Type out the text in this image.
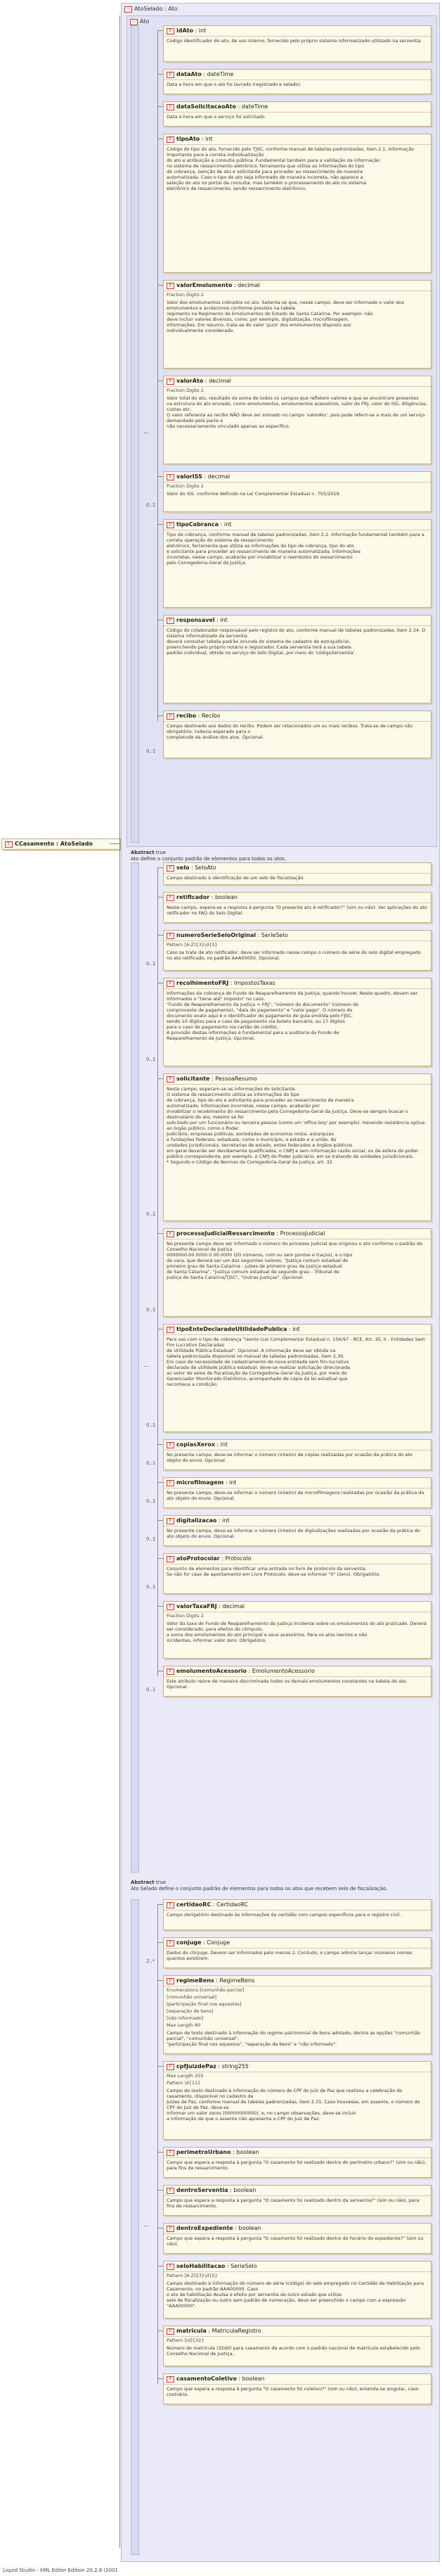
E CCasamento : AtoSelado
− AtoSelado : Ato
− Ato
Abstract true
Ato define o conjunto padrão de elementos para todos os atos.
Abstract true
Ato Selado define o conjunto padrão de elementos para todos os atos que recebem selo de fiscalização.
Liquid Studio - XML Editor Edition 20.2.8 (2001
⋯
E idAto : int
Código identificador do ato, de uso interno, fornecido pelo próprio sistema informatizado utilizado na serventia
E dataAto : dateTime
Data e hora em que o ato foi lavrado (registrado e selado)
E dataSolicitacaoAto : dateTime
Data e hora em que o serviço foi solicitado
E tipoAto : int
Código do tipo do ato, fornecido pelo TJSC, conforme manual de tabelas padronizadas, item 2.1. Informação importante para a correta individualização
do ato e atribuição a consulta pública. Fundamental também para a validação da informação
no sistema de ressarcimento eletrônico, ferramenta que utiliza as informações do tipo
de cobrança, isenção de ato e solicitante para proceder ao ressarcimento de maneira
automatizada. Caso o tipo de ato seja informado de maneira incorreta, não aparece a
seleção do ato no portal de consulta, mas também o processamento do ato no sistema
eletrônico de ressarcimento, sendo ressarcimento eletrônico.
E valorEmolumento : decimal
Fraction Digits 2
Valor dos emolumentos cobrados no ato. Salienta-se que, nesse campo, deve ser informado o valor dos emolumentos e acréscimos conforme previsto na tabela
regimento no Regimento de Emolumentos do Estado de Santa Catarina. Por exemplo: não
deve incluir valores diversos, como, por exemplo, digitalização, microfilmagem,
informações. Em resumo, trata-se do valor 'puro' dos emolumentos disposto aos
individualmente considerado.
E valorAto : decimal
Fraction Digits 2
Valor total do ato, resultado da soma de todos os campos que refletem valores e que se encontram presentes
na estrutura do ato enviado, como emolumentos, emolumentos acessórios, valor do FRJ, valor do ISS, diligências, custas etc.
O valor referente ao recibo NÃO deve ser somado no campo 'valorAto', pois pode referir-se a mais de um serviço demandado pela parte e
não necessariamente vinculado apenas ao específico.
E valorISS : decimal
Fraction Digits 2
Valor do ISS, conforme definido na Lei Complementar Estadual n. 755/2019.
0..1
E tipoCobranca : int
Tipo de cobrança, conforme manual de tabelas padronizadas, item 2.2. Informação fundamental também para a correta operação do sistema de ressarcimento
eletrônico, ferramenta que utiliza as informações do tipo de cobrança, tipo do ato
e solicitante para proceder ao ressarcimento de maneira automatizada. Informações
incorretas, nesse campo, acabarão por inviabilizar o reembolso do ressarcimento
pelo Corregedoria-Geral da Justiça.
E responsavel : int
Código do colaborador responsável pelo registro do ato, conforme manual de tabelas padronizadas, item 2.34. O sistema informatizado da serventia
deverá consultar tabela padrão oriunda do sistema de cadastro de extrajudicial,
preenchendo pelo próprio notário e registrador. Cada serventia terá a sua tabela
padrão individual, obtida no serviço do Selo Digital, por meio do 'códigoServentia'.
E recibo : Recibo
Campo destinado aos dados do recibo. Podem ser relacionados um ou mais recibos. Trata-se de campo não obrigatório, todavia esperado para o
completude da análise dos atos. Opcional.
0..1
⋯
E selo : SeloAto
Campo destinado à identificação de um selo de fiscalização.
E retificador : boolean
Neste campo, espera-se a resposta à pergunta "O presente ato é retificador?" (sim ou não). Ver aplicações do ato retificador no FAQ do Selo Digital.
E numeroSerieSeloOriginal : SerieSelo
Pattern [A-Z]{3}\d{5}
Caso se trate de ato retificador, deve ser informado nesse campo o número de série do selo digital empregado no ato retificado, no padrão AAA00000. Opcional.
0..1
E recolhimentoFRJ : ImpostosTaxas
Informações da cobrança do Fundo de Reaparelhamento da Justiça, quando houver. Neste quadro, devem ser informados o "tiene até" imposto" no caso,
"Fundo de Reaparelhamento da Justiça = FRJ", "número do documento" (número do
comprovante de pagamento), "data do pagamento" e "valor pago". O número do
documento exato aqui é o identificador do pagamento de guia emitida pelo FJSC,
sendo 10 dígitos para o caso de pagamento via boleto bancário, ou 17 dígitos
para o caso de pagamento via cartão de crédito.
A provisão destas informações é fundamental para a auditoria do Fundo de
Reaparelhamento da Justiça. Opcional.
0..1
E solicitante : PessoaResumo
Neste campo, esperam-se as informações do solicitante.
O sistema de ressarcimento utiliza as informações do tipo
de cobrança, tipo do ato e solicitante para proceder ao ressarcimento de maneira
automatizada. Informações incorretas, nesse campo, acabarão por
inviabilizar o recebimento do ressarcimento pela Corregedoria-Geral da Justiça. Deve-se sempre buscar o destinatário do ato, mesmo se foi
solicitado por um funcionário ou terceira pessoa (como um 'office boy' por exemplo). Havendo resistência optiva ao órgão público, como o Poder
Judiciário, empresas públicas, sociedades de economia mista, autarquias
e fundações federais, estaduais, como o município, o estado e a união. As
unidades jurisdicionais, secretarias de estado, entes federados e órgãos públicos
em geral deverão ser devidamente qualificados, o CNPJ e sem informação razão social, ou da esfera do poder público correspondente, por exemplo, o CNPJ do Poder Judiciário, em se tratando de unidades jurisdicionais.
* Segundo o Código de Normas da Corregedoria-Geral da Justiça, art. 32.
0..1
E processoJudicialRessarcimento : ProcessoJudicial
No presente campo deve ser informado o número do processo judicial que originou o ato conforme o padrão do Conselho Nacional de Justiça
0000000-00.0000.0.00.0000 (20 números, com ou sem pontos e traços), e o tipo
de vara, que deverá ser um dos seguintes valores: "Justiça comum estadual de
primeiro grau de Santa Catarina - juízes de primeiro grau da justiça estadual
de Santa Catarina", "Justiça comum estadual de segundo grau - Tribunal de
Justiça de Santa Catarina/TJSC", "Outras Justiças". Opcional.
0..1
E tipoEnteDeclaradoUtilidadePublica : int
Para uso com o tipo de cobrança "isento (Lei Complementar Estadual n. 156/97 - RCE, Art. 35, II - Entidades Sem Fim Lucrativo Declaradas
de Utilidade Pública Estadual". Opcional. A informação deve ser obtida na
tabela padronizada disponível no manual de tabelas padronizadas, item 2.30.
Em caso de necessidade de cadastramento de nova entidade sem fim lucrativo
declarada de utilidade pública estadual, deve-se realizar solicitação direcionada
ao setor de selos de fiscalização da Corregedoria-Geral da Justiça, por meio do
Gerenciador Monitorado Eletrônico, acompanhado de cópia da lei estadual que
reconhece a condição.
0..1
E copiasXerox : int
No presente campo, deve-se informar o número (inteiro) de cópias realizadas por ocasião da prática do ato objeto do envio. Opcional.
0..1
E microfilmagem : int
No presente campo, deve-se informar o número (inteiro) de microfilmagens realizadas por ocasião da prática do ato objeto do envio. Opcional.
0..1
E digitalizacao : int
No presente campo, deve-se informar o número (inteiro) de digitalizações realizadas por ocasião da prática do ato objeto do envio. Opcional.
0..1
E atoProtocolar : Protocolo
Conjunto de elementos para identificar uma entrada no livro de protocolo da serventia.
Se não for caso de apontamento em Livro Protocolo, deve-se informar "0" (zero). Obrigatório.
0..1
E valorTaxaFRJ : decimal
Fraction Digits 2
Valor da taxa do Fundo de Reaparelhamento da Justiça incidente sobre os emolumentos do ato praticado. Deverá ser considerado, para efeitos do cômputo,
a soma dos emolumentos do ato principal e seus acessórios. Para os atos isentos e não
incidentes, informar valor zero. Obrigatório.
E emolumentoAcessorio : EmolumentoAcessorio
Este atributo reúne de maneira discriminada todos os demais emolumentos constantes na tabela do ato. Opcional.
0..1
⋯
E certidaoRC : CertidaoRC
Campo obrigatório destinado às informações da certidão com campos específicos para o registro civil.
E conjuge : Conjuge
Dados do cônjuge. Devem ser informados pelo menos 2. Contudo, o campo admite lançar inúmeros nomes quantos existirem.
2..*
E regimeBens : RegimeBens
Enumerations [comunhão parcial]
[comunhão universal]
[participação final nos aquestos]
[separação de bens]
[não informado]
Max Length 80
Campo de texto destinado à informação do regime patrimonial de bens adotado, dentre as opções "comunhão parcial", "comunhão universal",
"participação final nos aquestos", "separação de bens" e "não informado".
E cpfJuizdePaz : string255
Max Length 255
Pattern \d{11}
Campo de texto destinado à informação do número de CPF do Juiz de Paz que realizou a celebração do casamento, disponível no cadastro de
Juízes de Paz, conforme manual de tabelas padronizadas, item 2.31. Caso houvesse, em assente, o número do CPF do Juiz de Paz, deve-se
informar um valor zeros (00000000000), e, no campo observações, deve-se incluir
a informação de que o assento não apresenta o CPF do Juiz de Paz.
E perimetroUrbano : boolean
Campo que espera a resposta à pergunta "O casamento foi realizado dentro do perímetro urbano?" (sim ou não), para fins de ressarcimento.
E dentroServentia : boolean
Campo que espera a resposta à pergunta "O casamento foi realizado dentro da serventia?" (sim ou não), para fins de ressarcimento.
E dentroExpediente : boolean
Campo que espera a resposta à pergunta "O casamento foi realizado dentro do horário do expediente?" (sim ou não).
E seloHabilitacao : SerieSelo
Pattern [A-Z]{3}\d{5}
Campo destinado à informação do número de série (código) do selo empregado no Certidão de Habilitação para Casamento, no padrão AAA00000. Caso
o ato de habilitação Avulsa e efeito por serventia de outro estado que utilize
selo de fiscalização ou outro sem padrão de numeração, deve ser preenchido o campo com a expressão "AAA00000".
E matricula : MatriculaRegistro
Pattern [\d]{32}
Número de matrícula (32dd) para casamento de acordo com o padrão nacional de matrícula estabelecido pelo Conselho Nacional de Justiça.
E casamentoColetivo : boolean
Campo que espera a resposta à pergunta "O casamento foi coletivo?" (sim ou não), entenda-se singular, caso contrário.
